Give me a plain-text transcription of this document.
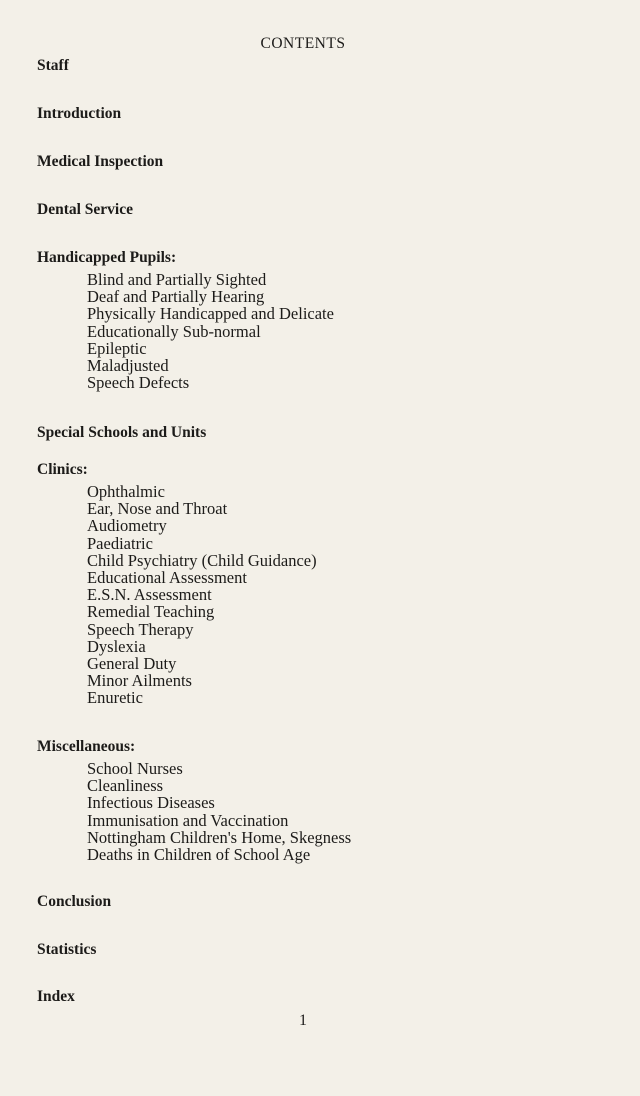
CONTENTS
Staff
Introduction
Medical Inspection
Dental Service
Handicapped Pupils:
Blind and Partially Sighted
Deaf and Partially Hearing
Physically Handicapped and Delicate
Educationally Sub-normal
Epileptic
Maladjusted
Speech Defects
Special Schools and Units
Clinics:
Ophthalmic
Ear, Nose and Throat
Audiometry
Paediatric
Child Psychiatry (Child Guidance)
Educational Assessment
E.S.N. Assessment
Remedial Teaching
Speech Therapy
Dyslexia
General Duty
Minor Ailments
Enuretic
Miscellaneous:
School Nurses
Cleanliness
Infectious Diseases
Immunisation and Vaccination
Nottingham Children's Home, Skegness
Deaths in Children of School Age
Conclusion
Statistics
Index
1
